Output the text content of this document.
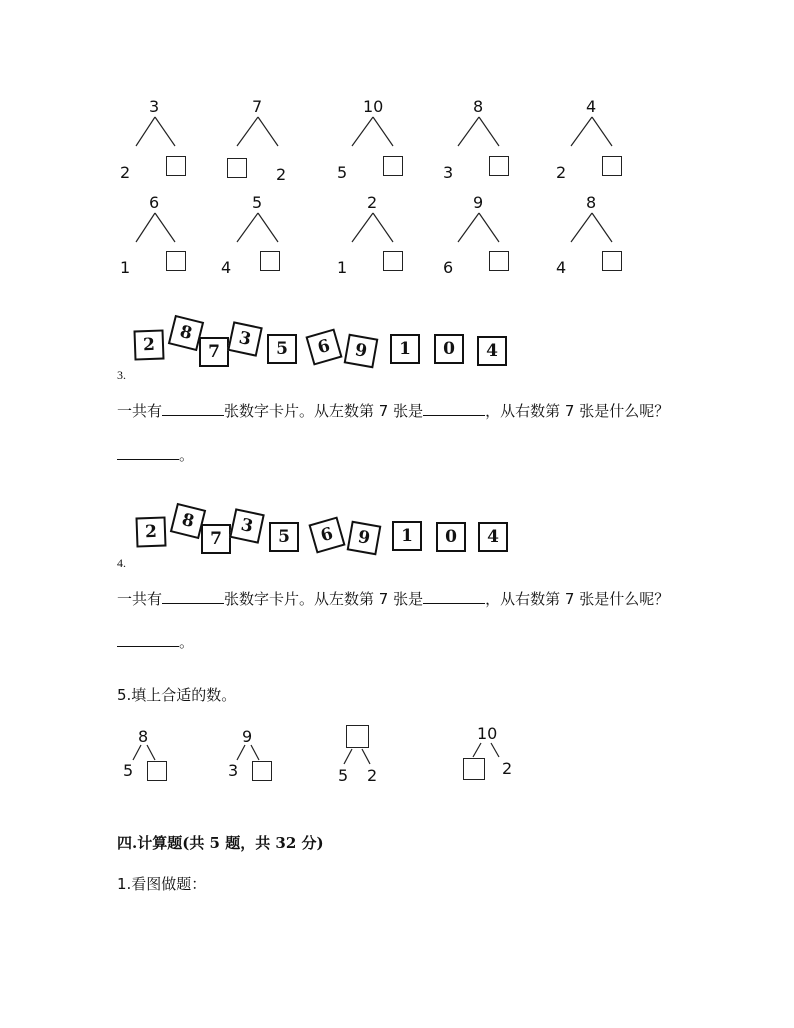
3
2
7
2
10
5
8
3
4
2
6
1
5
4
2
1
9
6
8
4
2
8
7
3	5	6	9	1	0	4
3.
一共有	张数字卡片。从左数第 7 张是	，从右数第 7 张是什么呢？
。
2	8
7
3	5	6	9	1	0	4
4.
一共有	张数字卡片。从左数第 7 张是	，从右数第 7 张是什么呢？
。
5.填上合适的数。
8
5
9
3	5 2
10
2
四.计算题(共 5 题，共 32 分)
1.看图做题：
